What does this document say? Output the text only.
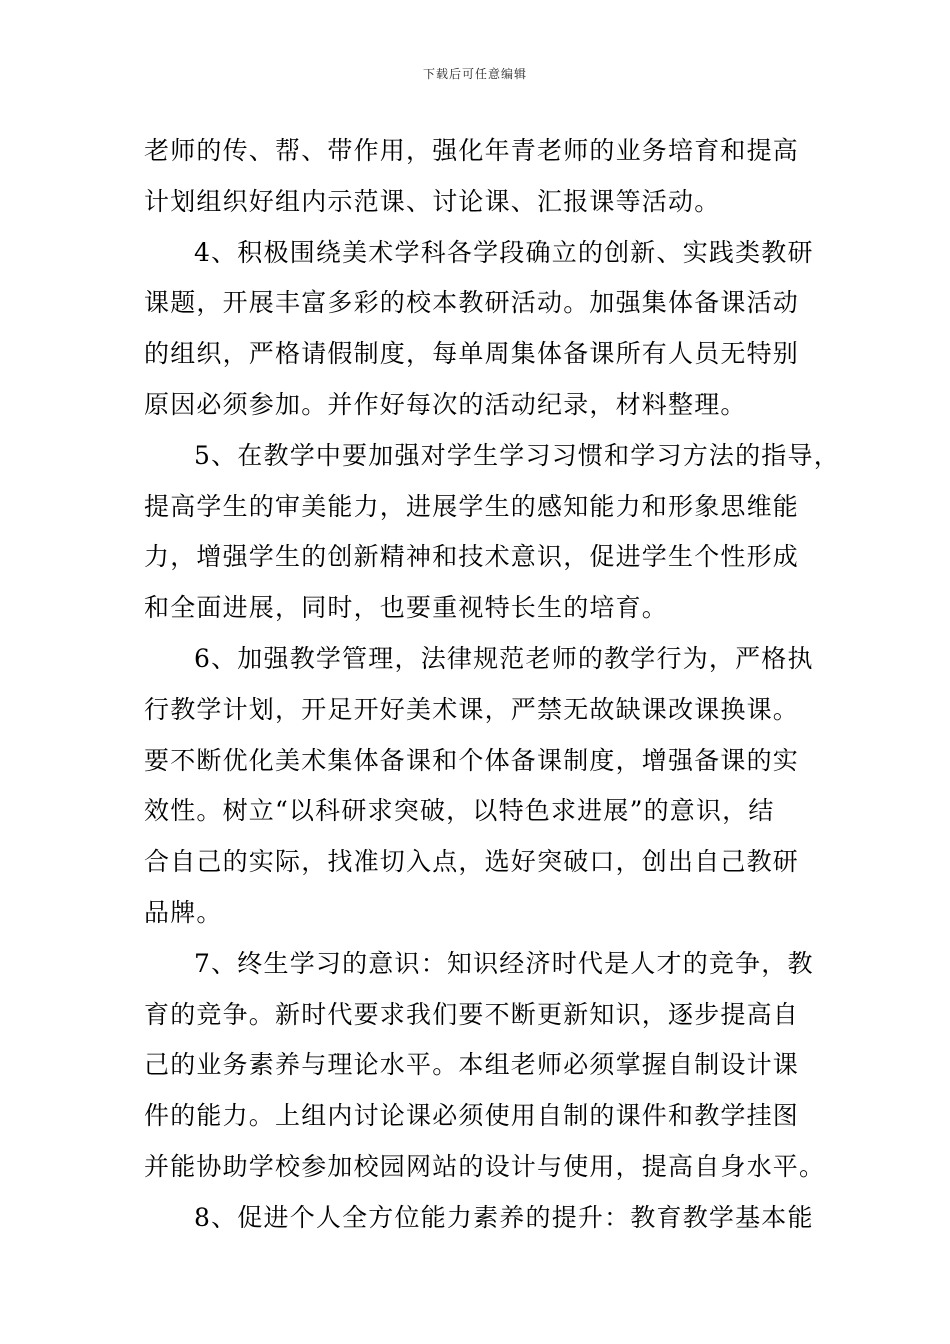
下载后可任意编辑
老师的传、帮、带作用，强化年青老师的业务培育和提高
计划组织好组内示范课、讨论课、汇报课等活动。
4、积极围绕美术学科各学段确立的创新、实践类教研
课题，开展丰富多彩的校本教研活动。加强集体备课活动
的组织，严格请假制度，每单周集体备课所有人员无特别
原因必须参加。并作好每次的活动纪录，材料整理。
5、在教学中要加强对学生学习习惯和学习方法的指导，
提高学生的审美能力，进展学生的感知能力和形象思维能
力，增强学生的创新精神和技术意识，促进学生个性形成
和全面进展，同时，也要重视特长生的培育。
6、加强教学管理，法律规范老师的教学行为，严格执
行教学计划，开足开好美术课，严禁无故缺课改课换课。
要不断优化美术集体备课和个体备课制度，增强备课的实
效性。树立“以科研求突破，以特色求进展”的意识，结
合自己的实际，找准切入点，选好突破口，创出自己教研
品牌。
7、终生学习的意识：知识经济时代是人才的竞争，教
育的竞争。新时代要求我们要不断更新知识，逐步提高自
己的业务素养与理论水平。本组老师必须掌握自制设计课
件的能力。上组内讨论课必须使用自制的课件和教学挂图
并能协助学校参加校园网站的设计与使用，提高自身水平。
8、促进个人全方位能力素养的提升：教育教学基本能
